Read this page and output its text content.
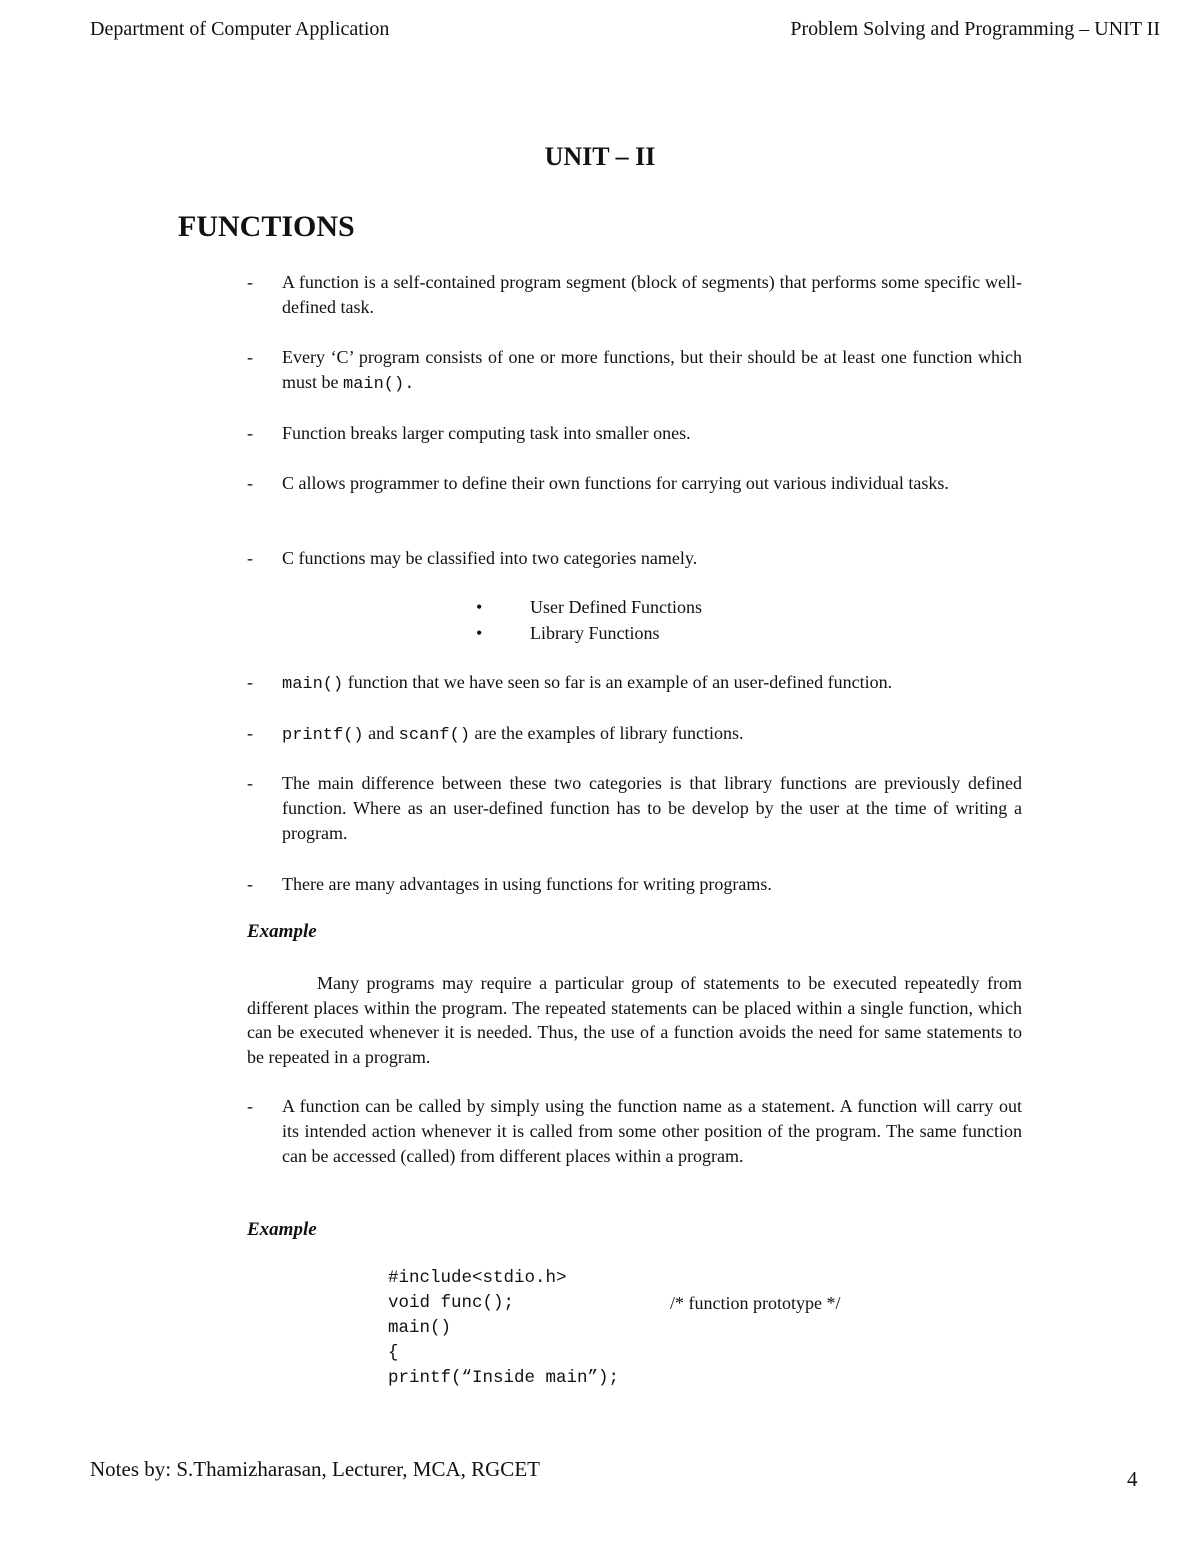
Department of Computer Application	Problem Solving and Programming – UNIT II
UNIT – II
FUNCTIONS
- A function is a self-contained program segment (block of segments) that performs some specific well-defined task.
- Every ‘C’ program consists of one or more functions, but their should be at least one function which must be main().
- Function breaks larger computing task into smaller ones.
- C allows programmer to define their own functions for carrying out various individual tasks.
- C functions may be classified into two categories namely.
•	User Defined Functions
•	Library Functions
- main() function that we have seen so far is an example of an user-defined function.
- printf() and scanf() are the examples of library functions.
- The main difference between these two categories is that library functions are previously defined function. Where as an user-defined function has to be develop by the user at the time of writing a program.
- There are many advantages in using functions for writing programs.
Example
Many programs may require a particular group of statements to be executed repeatedly from different places within the program. The repeated statements can be placed within a single function, which can be executed whenever it is needed. Thus, the use of a function avoids the need for same statements to be repeated in a program.
- A function can be called by simply using the function name as a statement. A function will carry out its intended action whenever it is called from some other position of the program. The same function can be accessed (called) from different places within a program.
Example
#include<stdio.h>
void func();	/* function prototype */
main()
{
printf(“Inside main”);
Notes by: S.Thamizharasan, Lecturer, MCA, RGCET	4
